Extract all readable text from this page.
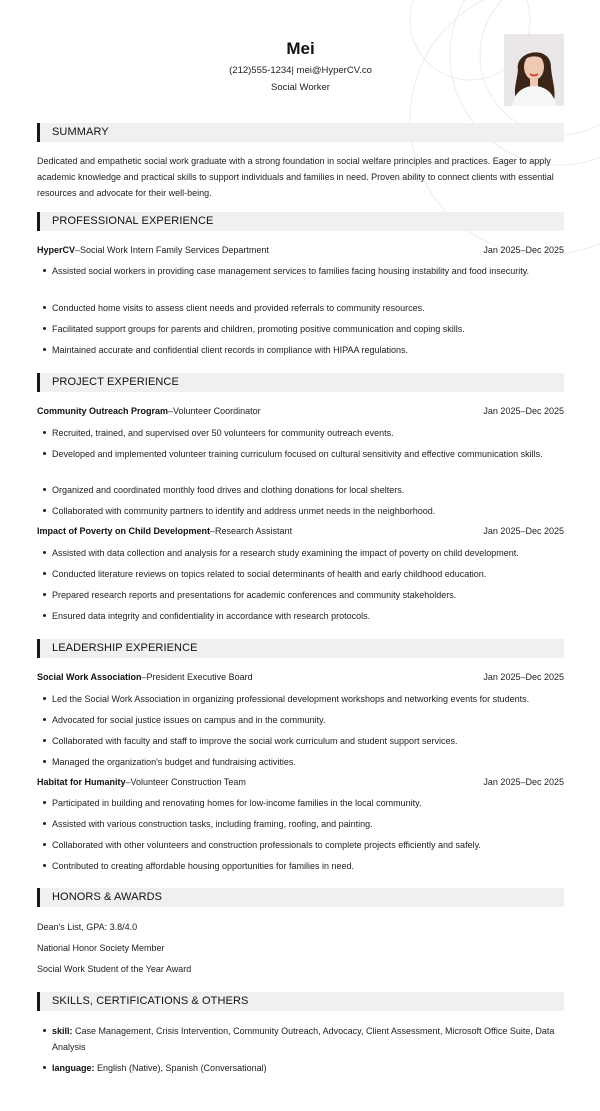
Mei
(212)555-1234| mei@HyperCV.co
Social Worker
SUMMARY
Dedicated and empathetic social work graduate with a strong foundation in social welfare principles and practices. Eager to apply academic knowledge and practical skills to support individuals and families in need. Proven ability to connect clients with essential resources and advocate for their well-being.
PROFESSIONAL EXPERIENCE
HyperCV–Social Work Intern Family Services Department	Jan 2025–Dec 2025
Assisted social workers in providing case management services to families facing housing instability and food insecurity.
Conducted home visits to assess client needs and provided referrals to community resources.
Facilitated support groups for parents and children, promoting positive communication and coping skills.
Maintained accurate and confidential client records in compliance with HIPAA regulations.
PROJECT EXPERIENCE
Community Outreach Program–Volunteer Coordinator	Jan 2025–Dec 2025
Recruited, trained, and supervised over 50 volunteers for community outreach events.
Developed and implemented volunteer training curriculum focused on cultural sensitivity and effective communication skills.
Organized and coordinated monthly food drives and clothing donations for local shelters.
Collaborated with community partners to identify and address unmet needs in the neighborhood.
Impact of Poverty on Child Development–Research Assistant	Jan 2025–Dec 2025
Assisted with data collection and analysis for a research study examining the impact of poverty on child development.
Conducted literature reviews on topics related to social determinants of health and early childhood education.
Prepared research reports and presentations for academic conferences and community stakeholders.
Ensured data integrity and confidentiality in accordance with research protocols.
LEADERSHIP EXPERIENCE
Social Work Association–President Executive Board	Jan 2025–Dec 2025
Led the Social Work Association in organizing professional development workshops and networking events for students.
Advocated for social justice issues on campus and in the community.
Collaborated with faculty and staff to improve the social work curriculum and student support services.
Managed the organization's budget and fundraising activities.
Habitat for Humanity–Volunteer Construction Team	Jan 2025–Dec 2025
Participated in building and renovating homes for low-income families in the local community.
Assisted with various construction tasks, including framing, roofing, and painting.
Collaborated with other volunteers and construction professionals to complete projects efficiently and safely.
Contributed to creating affordable housing opportunities for families in need.
HONORS & AWARDS
Dean's List, GPA: 3.8/4.0
National Honor Society Member
Social Work Student of the Year Award
SKILLS, CERTIFICATIONS & OTHERS
skill: Case Management, Crisis Intervention, Community Outreach, Advocacy, Client Assessment, Microsoft Office Suite, Data Analysis
language: English (Native), Spanish (Conversational)
